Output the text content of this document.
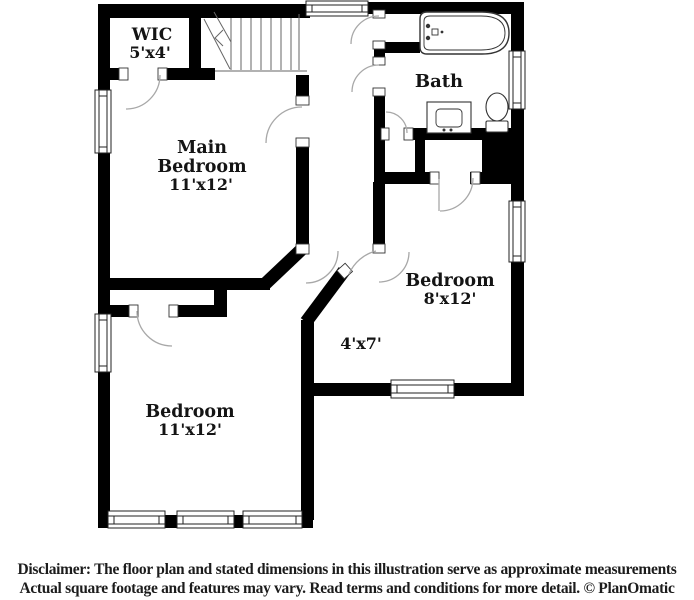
WIC
5'x4'
Main
Bedroom
11'x12'
Bath
Bedroom
8'x12'
4'x7'
Bedroom
11'x12'
Disclaimer: The floor plan and stated dimensions in this illustration serve as approximate measurements
Actual square footage and features may vary. Read terms and conditions for more detail. © PlanOmatic
